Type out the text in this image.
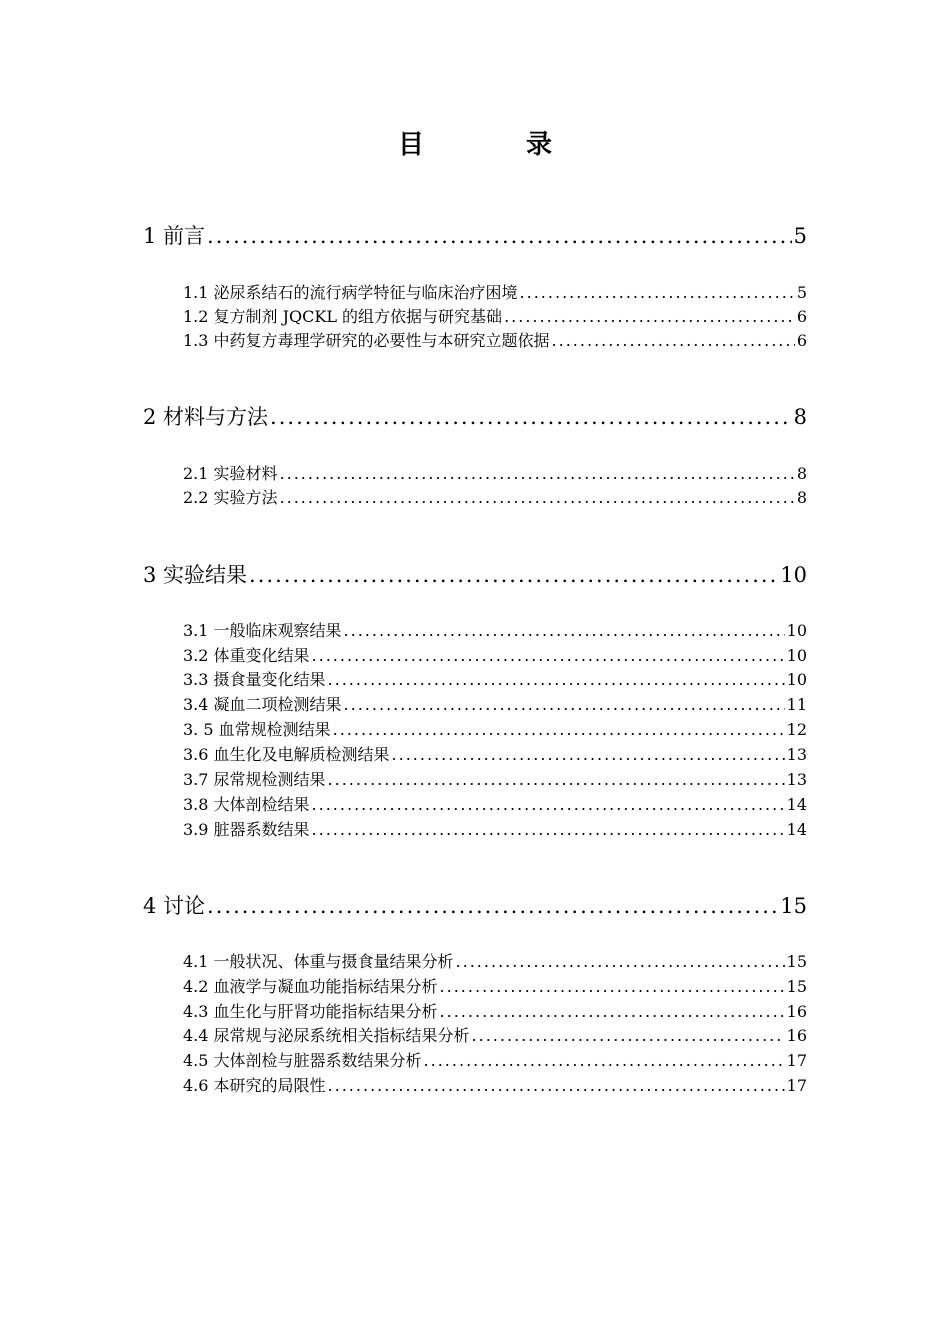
目　录
1 前言 .....	5
1.1 泌尿系结石的流行病学特征与临床治疗困境 .....	5
1.2 复方制剂 JQCKL 的组方依据与研究基础 .....	6
1.3 中药复方毒理学研究的必要性与本研究立题依据 .....	6
2 材料与方法 .....	8
2.1 实验材料 .....	8
2.2 实验方法 .....	8
3 实验结果 .....	10
3.1 一般临床观察结果 .....	10
3.2 体重变化结果 .....	10
3.3 摄食量变化结果 .....	10
3.4 凝血二项检测结果 .....	11
3. 5 血常规检测结果 .....	12
3.6 血生化及电解质检测结果 .....	13
3.7 尿常规检测结果 .....	13
3.8 大体剖检结果 .....	14
3.9 脏器系数结果 .....	14
4 讨论 .....	15
4.1 一般状况、体重与摄食量结果分析 .....	15
4.2 血液学与凝血功能指标结果分析 .....	15
4.3 血生化与肝肾功能指标结果分析 .....	16
4.4 尿常规与泌尿系统相关指标结果分析 .....	16
4.5 大体剖检与脏器系数结果分析 .....	17
4.6 本研究的局限性 .....	17
